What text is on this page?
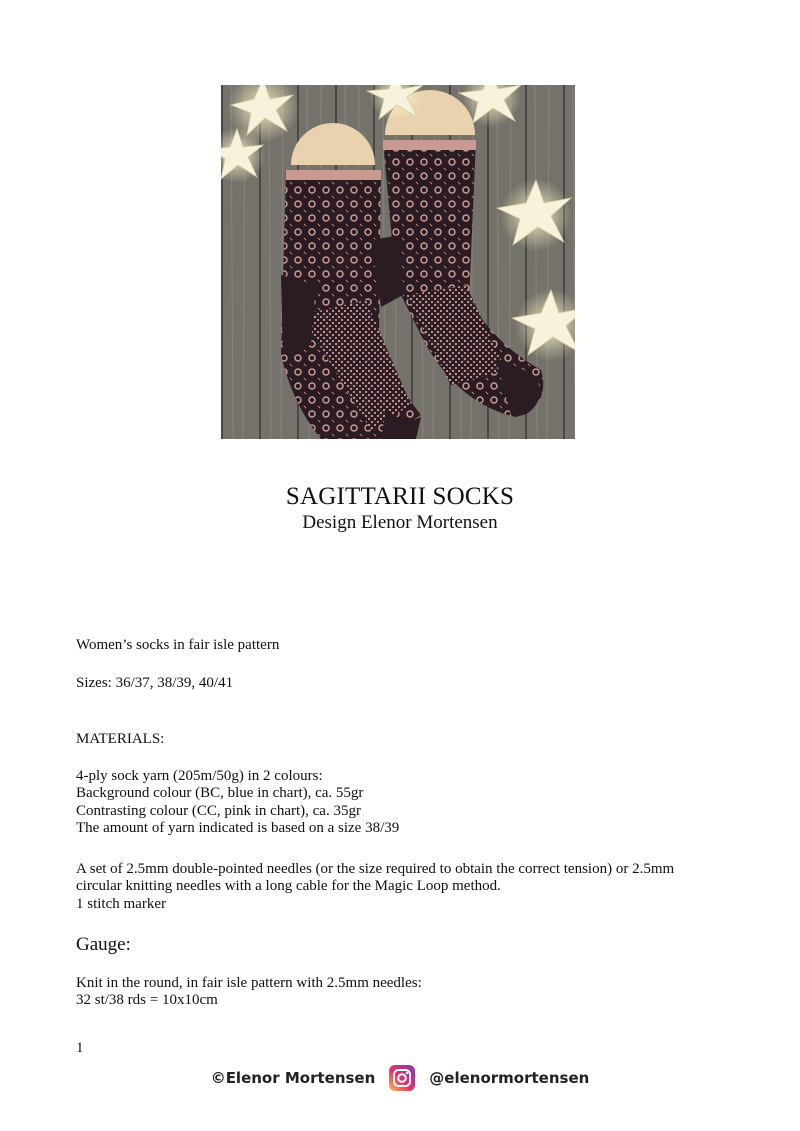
SAGITTARII SOCKS
Design Elenor Mortensen
Women’s socks in fair isle pattern
Sizes: 36/37, 38/39, 40/41
MATERIALS:
4-ply sock yarn (205m/50g) in 2 colours:
Background colour (BC, blue in chart), ca. 55gr
Contrasting colour (CC, pink in chart), ca. 35gr
The amount of yarn indicated is based on a size 38/39
A set of 2.5mm double-pointed needles (or the size required to obtain the correct tension) or 2.5mm
circular knitting needles with a long cable for the Magic Loop method.
1 stitch marker
Gauge:
Knit in the round, in fair isle pattern with 2.5mm needles:
32 st/38 rds = 10x10cm
1
©Elenor Mortensen	@elenormortensen
